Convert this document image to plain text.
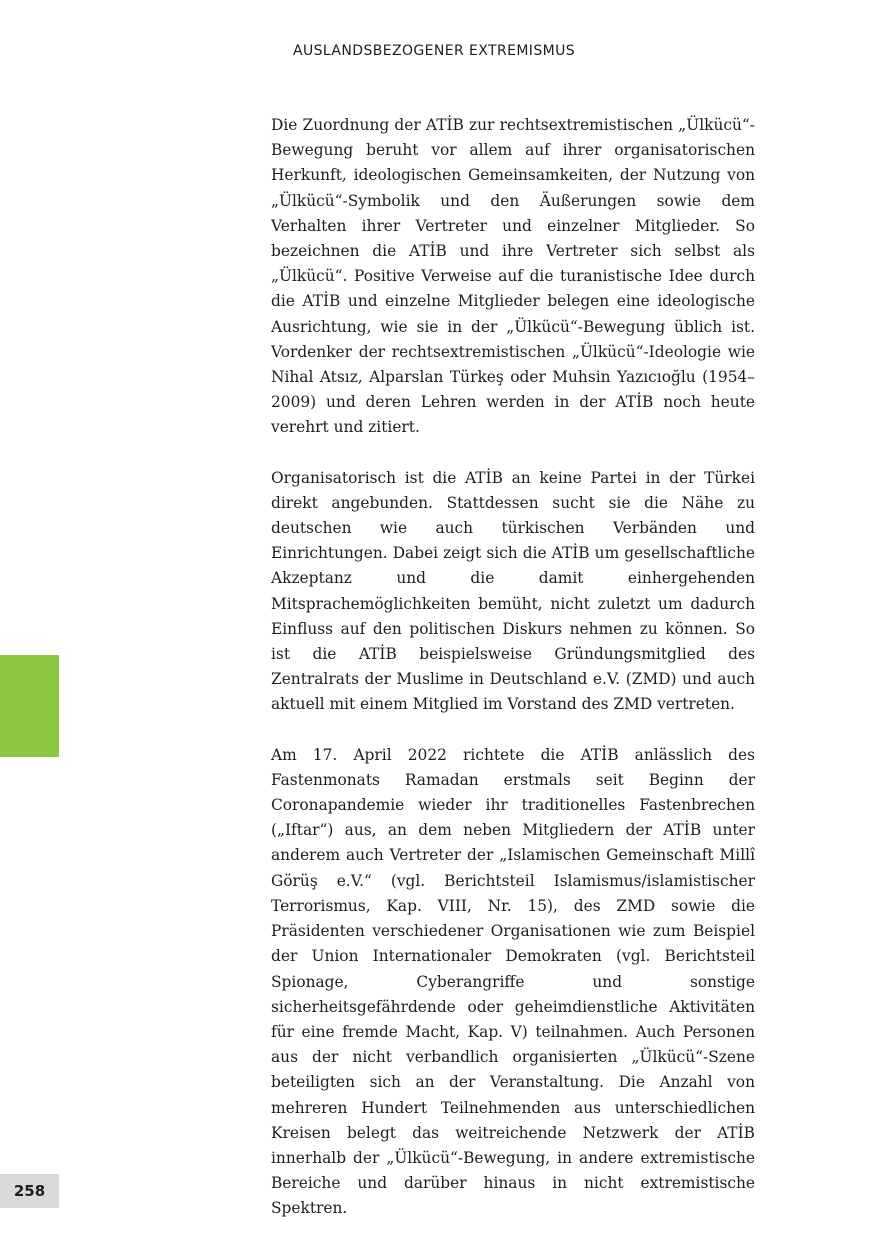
AUSLANDSBEZOGENER EXTREMISMUS

Die Zuordnung der ATİB zur rechtsextremistischen „Ülkücü“-Bewegung beruht vor allem auf ihrer organisatorischen Herkunft, ideologischen Gemeinsamkeiten, der Nutzung von „Ülkücü“-Symbolik und den Äußerungen sowie dem Verhalten ihrer Vertreter und einzelner Mitglieder. So bezeichnen die ATİB und ihre Vertreter sich selbst als „Ülkücü“. Positive Verweise auf die turanistische Idee durch die ATİB und einzelne Mitglieder belegen eine ideologische Ausrichtung, wie sie in der „Ülkücü“-Bewegung üblich ist. Vordenker der rechtsextremistischen „Ülkücü“-Ideologie wie Nihal Atsız, Alparslan Türkeş oder Muhsin Yazıcıoğlu (1954–2009) und deren Lehren werden in der ATİB noch heute verehrt und zitiert.

Organisatorisch ist die ATİB an keine Partei in der Türkei direkt angebunden. Stattdessen sucht sie die Nähe zu deutschen wie auch türkischen Verbänden und Einrichtungen. Dabei zeigt sich die ATİB um gesellschaftliche Akzeptanz und die damit einhergehenden Mitsprachemöglichkeiten bemüht, nicht zuletzt um dadurch Einfluss auf den politischen Diskurs nehmen zu können. So ist die ATİB beispielsweise Gründungsmitglied des Zentralrats der Muslime in Deutschland e.V. (ZMD) und auch aktuell mit einem Mitglied im Vorstand des ZMD vertreten.

Am 17. April 2022 richtete die ATİB anlässlich des Fastenmonats Ramadan erstmals seit Beginn der Coronapandemie wieder ihr traditionelles Fastenbrechen („Iftar“) aus, an dem neben Mitgliedern der ATİB unter anderem auch Vertreter der „Islamischen Gemeinschaft Millî Görüş e.V.“ (vgl. Berichtsteil Islamismus/islamistischer Terrorismus, Kap. VIII, Nr. 15), des ZMD sowie die Präsidenten verschiedener Organisationen wie zum Beispiel der Union Internationaler Demokraten (vgl. Berichtsteil Spionage, Cyberangriffe und sonstige sicherheitsgefährdende oder geheimdienstliche Aktivitäten für eine fremde Macht, Kap. V) teilnahmen. Auch Personen aus der nicht verbandlich organisierten „Ülkücü“-Szene beteiligten sich an der Veranstaltung. Die Anzahl von mehreren Hundert Teilnehmenden aus unterschiedlichen Kreisen belegt das weitreichende Netzwerk der ATİB innerhalb der „Ülkücü“-Bewegung, in andere extremistische Bereiche und darüber hinaus in nicht extremistische Spektren.

258
